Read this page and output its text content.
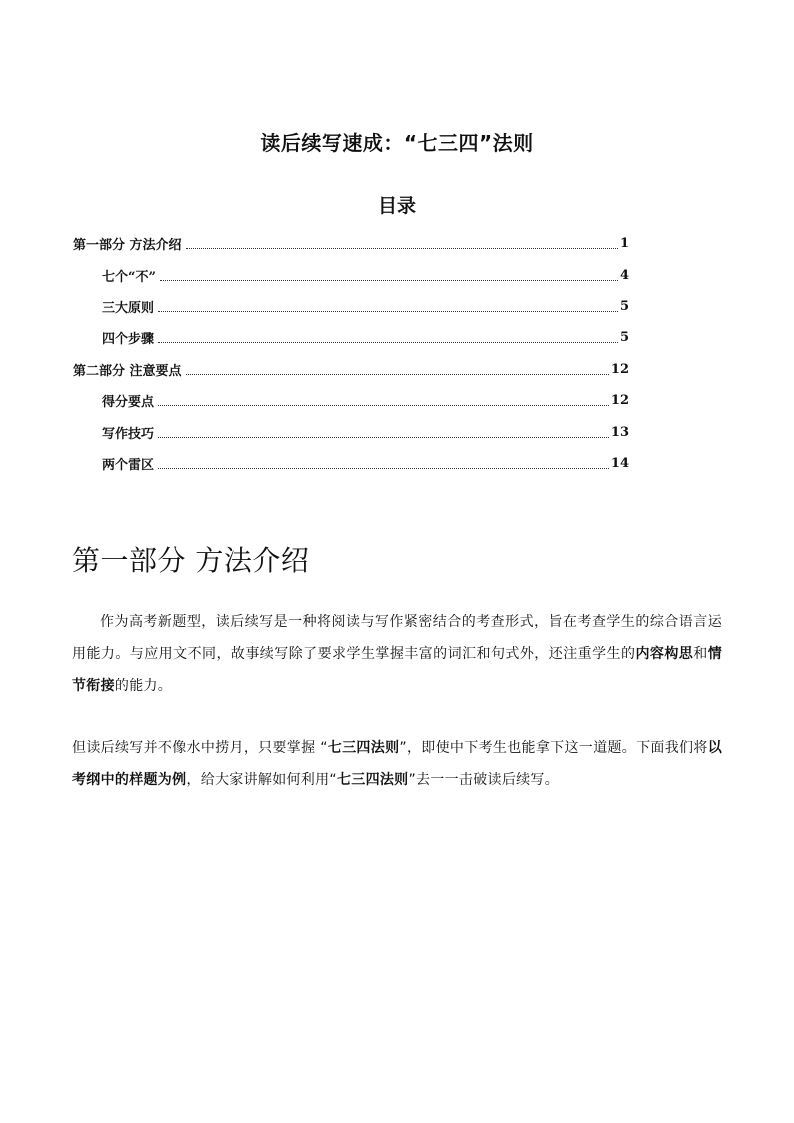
读后续写速成：“七三四”法则
目录
第一部分 方法介绍	1
七个“不”	4
三大原则	5
四个步骤	5
第二部分 注意要点	12
得分要点	12
写作技巧	13
两个雷区	14
第一部分 方法介绍
作为高考新题型，读后续写是一种将阅读与写作紧密结合的考查形式，旨在考查学生的综合语言运用能力。与应用文不同，故事续写除了要求学生掌握丰富的词汇和句式外，还注重学生的内容构思和情节衔接的能力。
但读后续写并不像水中捞月，只要掌握 “七三四法则”，即使中下考生也能拿下这一道题。下面我们将以考纲中的样题为例，给大家讲解如何利用“七三四法则”去一一击破读后续写。
